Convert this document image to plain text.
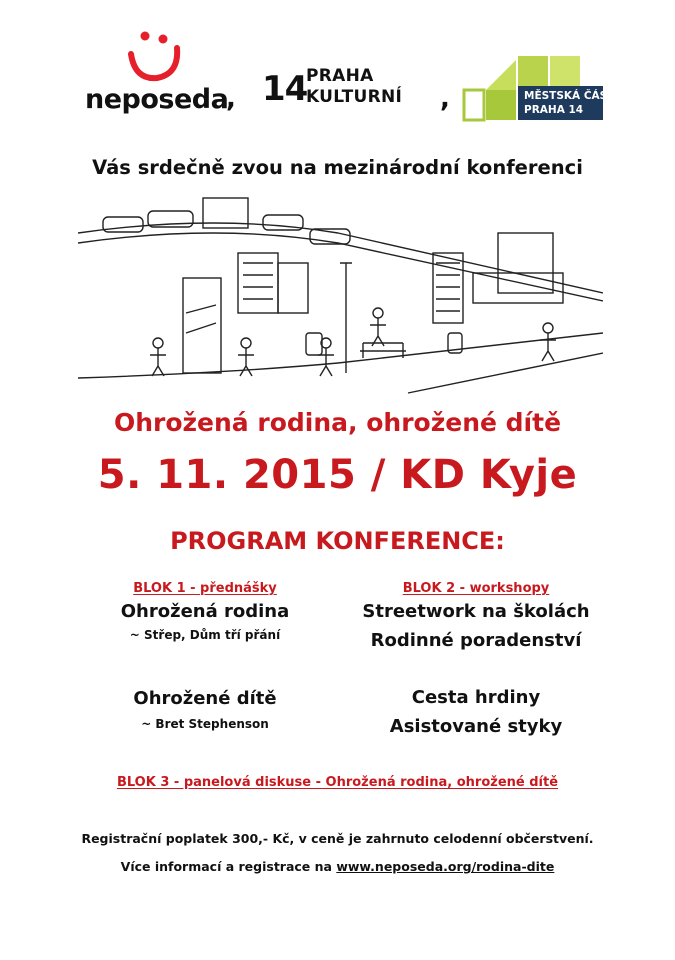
neposeda
, 14
PRAHA
KULTURNÍ ,	MĚSTSKÁ ČÁST
PRAHA 14
Vás srdečně zvou na mezinárodní konferenci
Ohrožená rodina, ohrožené dítě
5. 11. 2015 / KD Kyje
PROGRAM KONFERENCE:
BLOK 1 - přednášky
Ohrožená rodina
~ Střep, Dům tří přání
Ohrožené dítě
~ Bret Stephenson
BLOK 2 - workshopy
Streetwork na školách
Rodinné poradenství
Cesta hrdiny
Asistované styky
BLOK 3 - panelová diskuse - Ohrožená rodina, ohrožené dítě
Registrační poplatek 300,- Kč, v ceně je zahrnuto celodenní občerstvení.
Více informací a registrace na www.neposeda.org/rodina-dite
